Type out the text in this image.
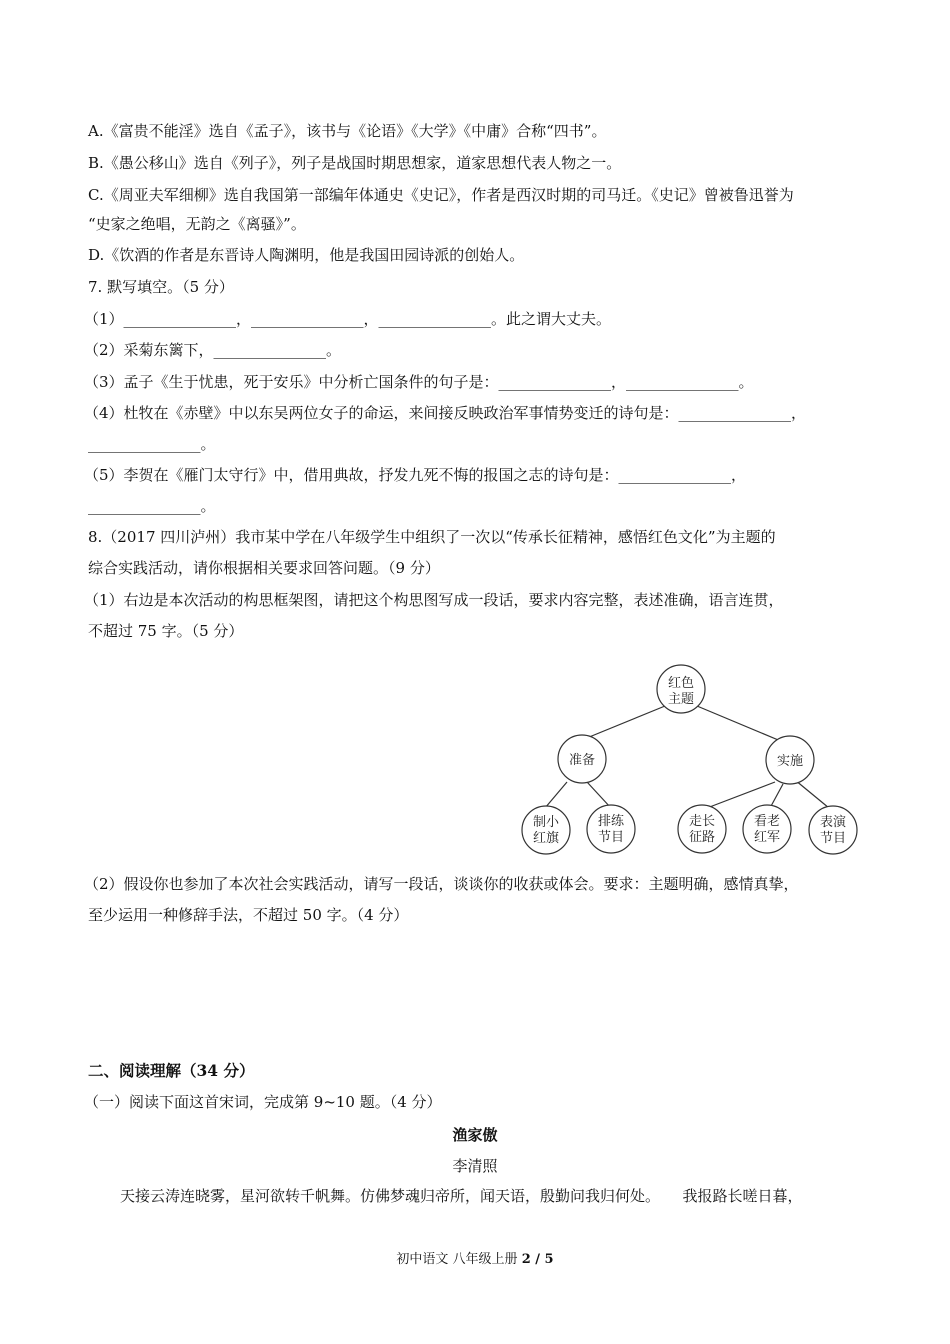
A.《富贵不能淫》选自《孟子》，该书与《论语》《大学》《中庸》合称“四书”。
B.《愚公移山》选自《列子》，列子是战国时期思想家，道家思想代表人物之一。
C.《周亚夫军细柳》选自我国第一部编年体通史《史记》，作者是西汉时期的司马迁。《史记》曾被鲁迅誉为
“史家之绝唱，无韵之《离骚》”。
D.《饮酒的作者是东晋诗人陶渊明，他是我国田园诗派的创始人。
7. 默写填空。（5 分）
（1）_______________，_______________，_______________。此之谓大丈夫。
（2）采菊东篱下，_______________。
（3）孟子《生于忧患，死于安乐》中分析亡国条件的句子是：_______________，_______________。
（4）杜牧在《赤壁》中以东吴两位女子的命运，来间接反映政治军事情势变迁的诗句是：_______________，
_______________。
（5）李贺在《雁门太守行》中，借用典故，抒发九死不悔的报国之志的诗句是：_______________，
_______________。
8.（2017 四川泸州）我市某中学在八年级学生中组织了一次以“传承长征精神，感悟红色文化”为主题的
综合实践活动，请你根据相关要求回答问题。（9 分）
（1）右边是本次活动的构思框架图，请把这个构思图写成一段话，要求内容完整，表述准确，语言连贯，
不超过 75 字。（5 分）
红色
主题
准备	实施
制小
红旗
排练
节目
走长
征路
看老
红军
表演
节目
（2）假设你也参加了本次社会实践活动，请写一段话，谈谈你的收获或体会。要求：主题明确，感情真挚，
至少运用一种修辞手法，不超过 50 字。（4 分）
二、阅读理解（34 分）
（一）阅读下面这首宋词，完成第 9~10 题。（4 分）
渔家傲
李清照
天接云涛连晓雾，星河欲转千帆舞。仿佛梦魂归帝所，闻天语，殷勤问我归何处。　　我报路长嗟日暮，
初中语文 八年级上册 2 / 5
